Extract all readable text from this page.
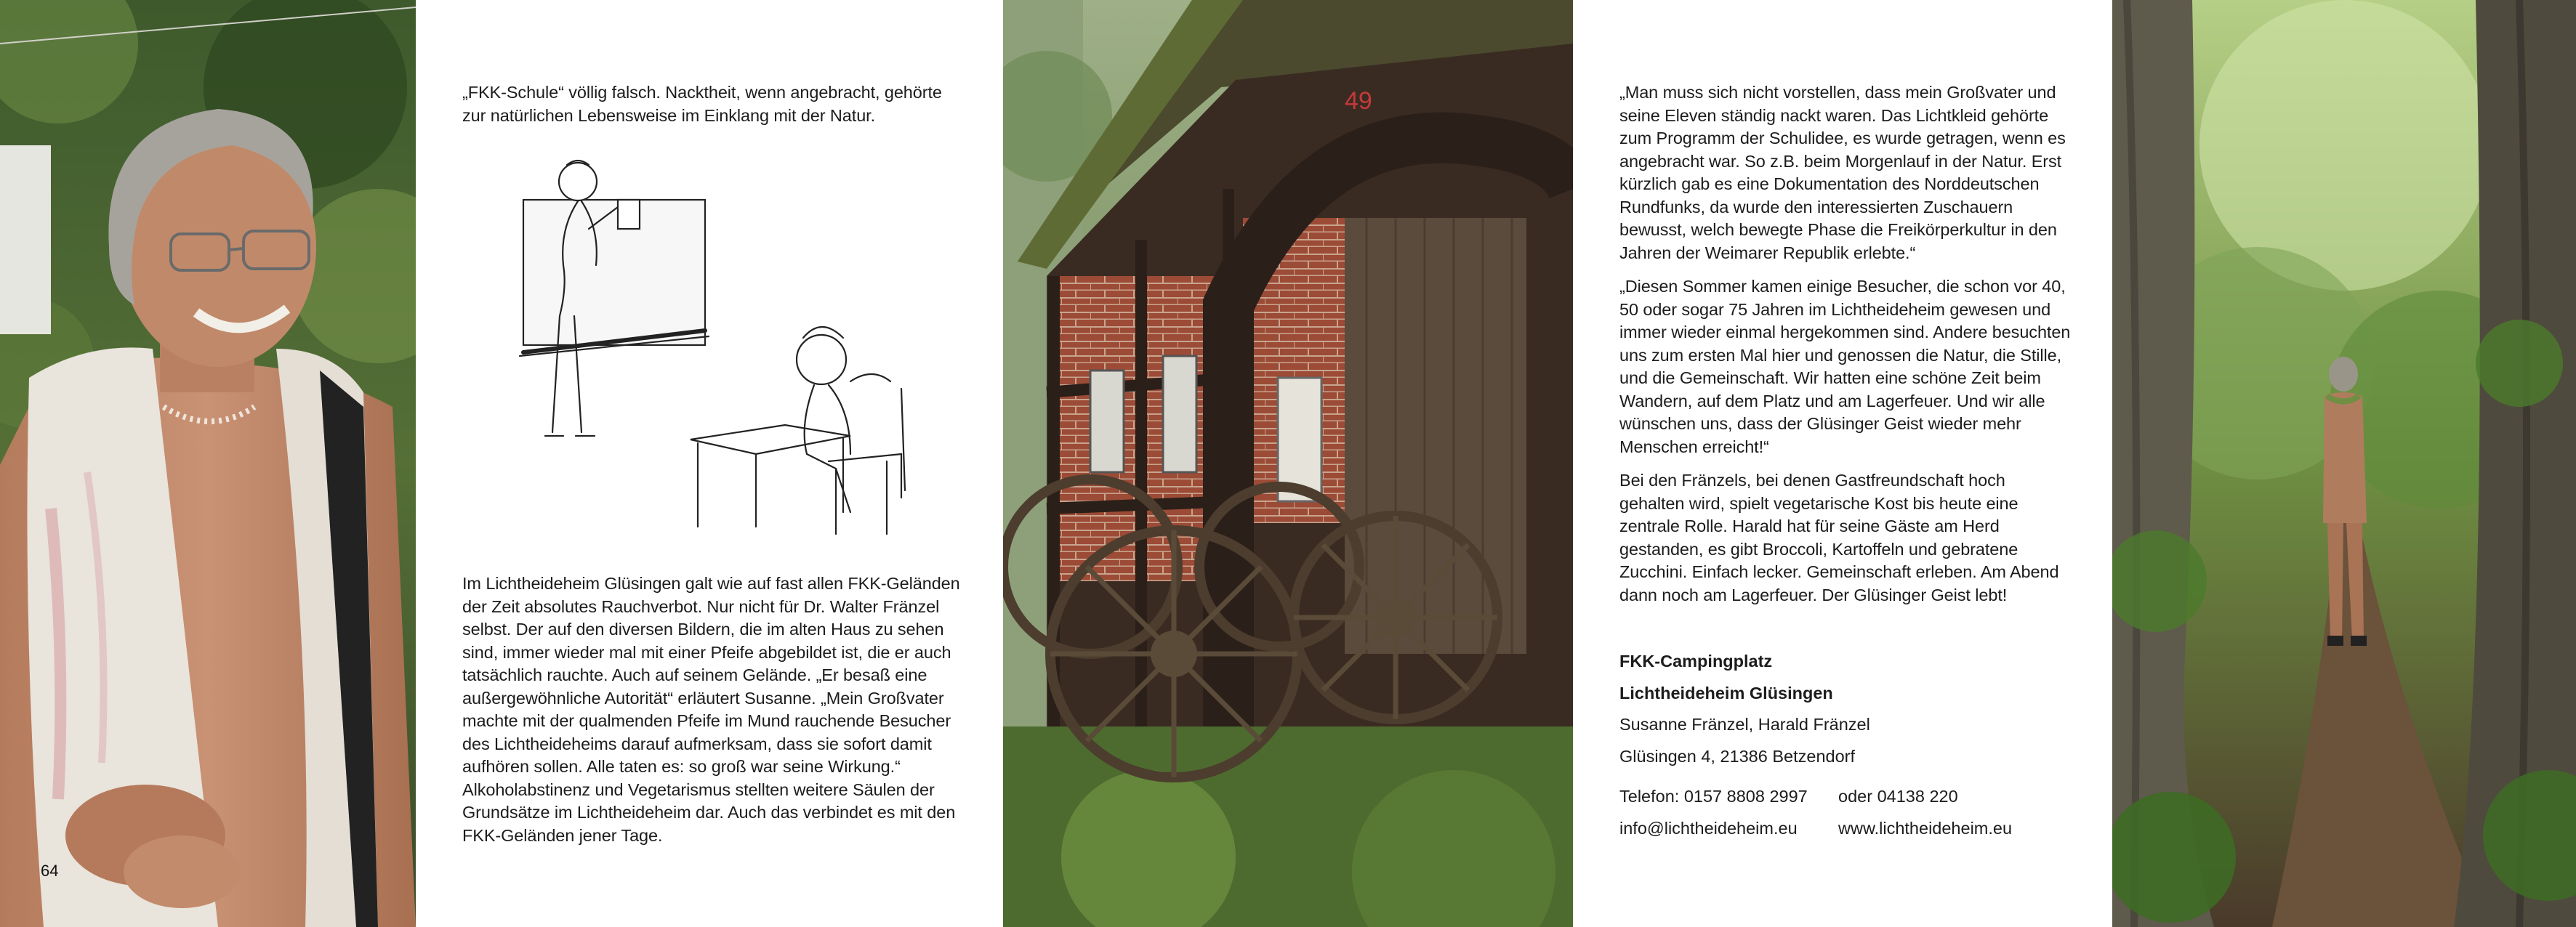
„FKK-Schule“ völlig falsch. Nacktheit, wenn angebracht, gehörte zur natürlichen Lebensweise im Einklang mit der Natur.

Im Lichtheideheim Glüsingen galt wie auf fast allen FKK-Geländen der Zeit absolutes Rauchverbot. Nur nicht für Dr. Walter Fränzel selbst. Der auf den diversen Bildern, die im alten Haus zu sehen sind, immer wieder mal mit einer Pfeife abgebildet ist, die er auch tatsächlich rauchte. Auch auf seinem Gelände. „Er besaß eine außergewöhnliche Autorität“ erläutert Susanne. „Mein Großvater machte mit der qualmenden Pfeife im Mund rauchende Besucher des Lichtheideheims darauf aufmerksam, dass sie sofort damit aufhören sollen. Alle taten es: so groß war seine Wirkung.“ Alkoholabstinenz und Vegetarismus stellten weitere Säulen der Grundsätze im Lichtheideheim dar. Auch das verbindet es mit den FKK-Geländen jener Tage.

49	„Man muss sich nicht vorstellen, dass mein Großvater und seine Eleven ständig nackt waren. Das Lichtkleid gehörte zum Programm der Schulidee, es wurde getragen, wenn es angebracht war. So z.B. beim Morgenlauf in der Natur. Erst kürzlich gab es eine Dokumentation des Norddeutschen Rundfunks, da wurde den interessierten Zuschauern bewusst, welch bewegte Phase die Freikörperkultur in den Jahren der Weimarer Republik erlebte.“

„Diesen Sommer kamen einige Besucher, die schon vor 40, 50 oder sogar 75 Jahren im Lichtheideheim gewesen und immer wieder einmal hergekommen sind. Andere besuchten uns zum ersten Mal hier und genossen die Natur, die Stille, und die Gemeinschaft. Wir hatten eine schöne Zeit beim Wandern, auf dem Platz und am Lagerfeuer. Und wir alle wünschen uns, dass der Glüsinger Geist wieder mehr Menschen erreicht!“

Bei den Fränzels, bei denen Gastfreundschaft hoch gehalten wird, spielt vegetarische Kost bis heute eine zentrale Rolle. Harald hat für seine Gäste am Herd gestanden, es gibt Broccoli, Kartoffeln und gebratene Zucchini. Einfach lecker. Gemeinschaft erleben. Am Abend dann noch am Lagerfeuer. Der Glüsinger Geist lebt!

FKK-Campingplatz
Lichtheideheim Glüsingen
Susanne Fränzel, Harald Fränzel
Glüsingen 4, 21386 Betzendorf
Telefon: 0157 8808 2997 oder 04138 220
info@lichtheideheim.eu www.lichtheideheim.eu
64
